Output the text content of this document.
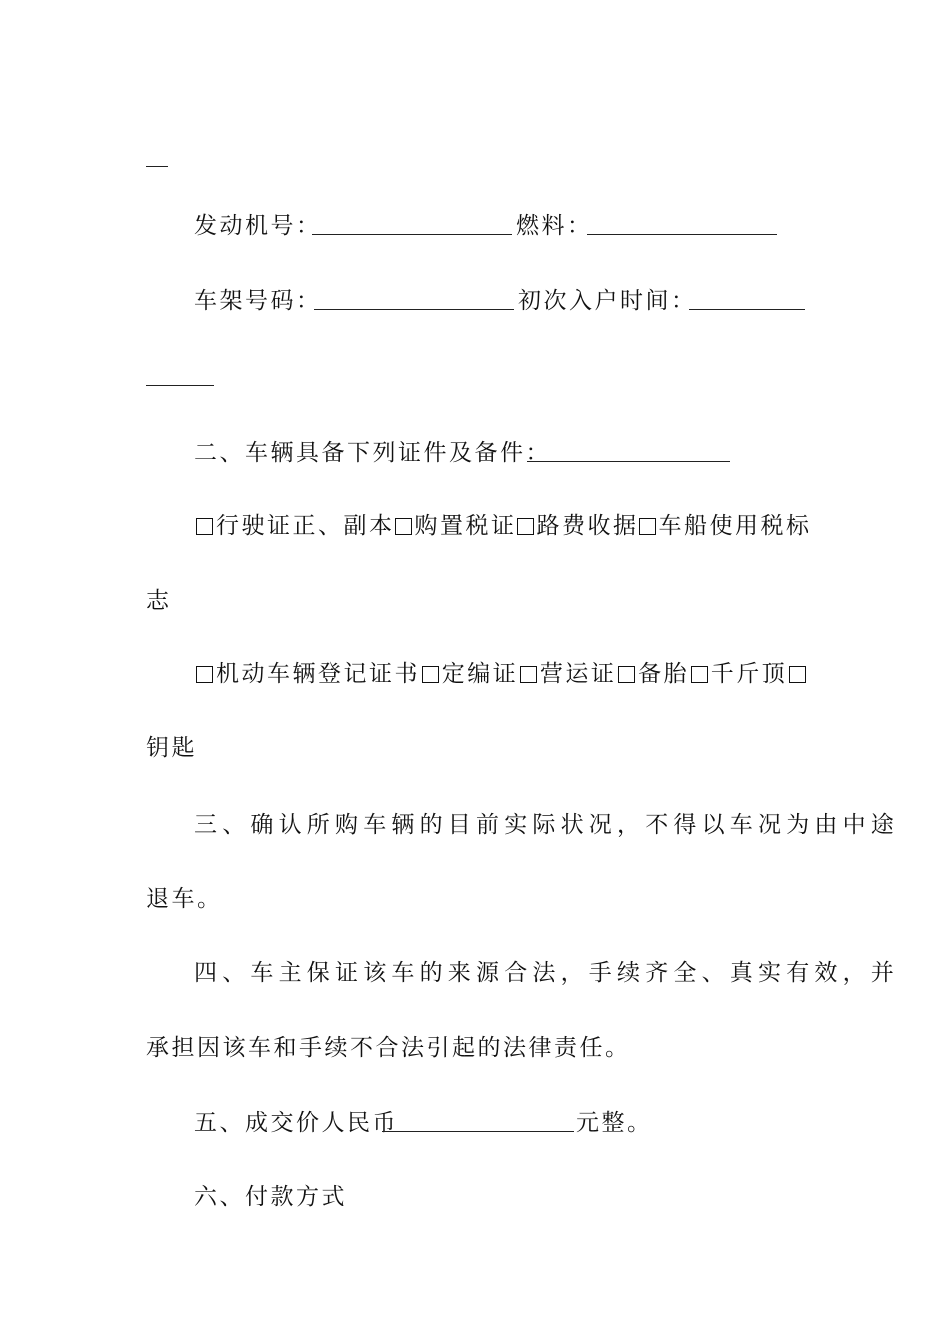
发动机号：	燃料：
车架号码：	初次入户时间：
二、车辆具备下列证件及备件：
行驶证正、副本 购置税证 路费收据 车船使用税标
志
机动车辆登记证书 定编证 营运证 备胎 千斤顶
钥匙
三、确认所购车辆的目前实际状况，不得以车况为由中途
退车。
四、车主保证该车的来源合法，手续齐全、真实有效，并
承担因该车和手续不合法引起的法律责任。
五、成交价人民币	元整。
六、付款方式
